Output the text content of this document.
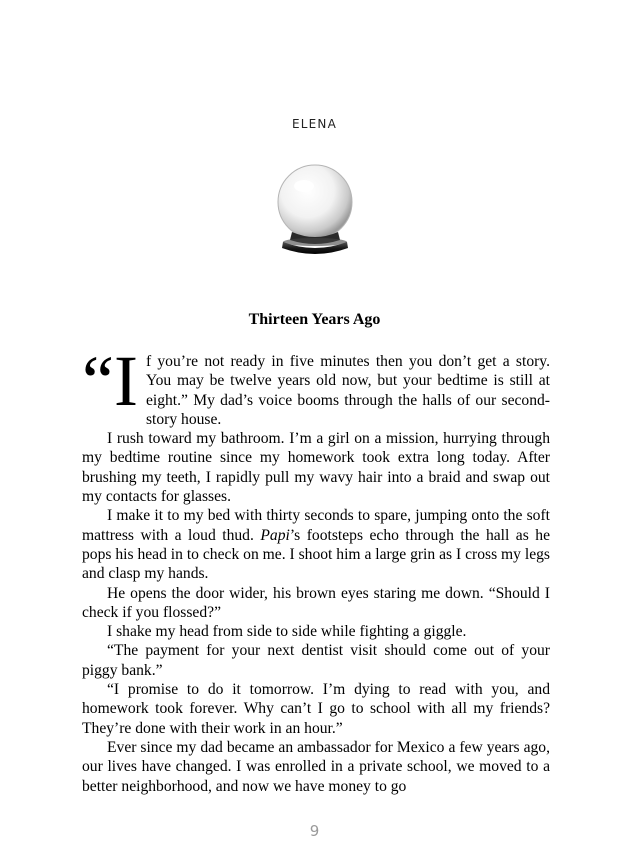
ELENA
Thirteen Years Ago

“If you’re not ready in five minutes then you don’t get a story. You may be twelve years old now, but your bedtime is still at eight.” My dad’s voice booms through the halls of our second-story house.

I rush toward my bathroom. I’m a girl on a mission, hurrying through my bedtime routine since my homework took extra long today. After brushing my teeth, I rapidly pull my wavy hair into a braid and swap out my contacts for glasses.

I make it to my bed with thirty seconds to spare, jumping onto the soft mattress with a loud thud. Papi’s footsteps echo through the hall as he pops his head in to check on me. I shoot him a large grin as I cross my legs and clasp my hands.

He opens the door wider, his brown eyes staring me down. “Should I check if you flossed?”

I shake my head from side to side while fighting a giggle.

“The payment for your next dentist visit should come out of your piggy bank.”

“I promise to do it tomorrow. I’m dying to read with you, and homework took forever. Why can’t I go to school with all my friends? They’re done with their work in an hour.”

Ever since my dad became an ambassador for Mexico a few years ago, our lives have changed. I was enrolled in a private school, we moved to a better neighborhood, and now we have money to go

9
